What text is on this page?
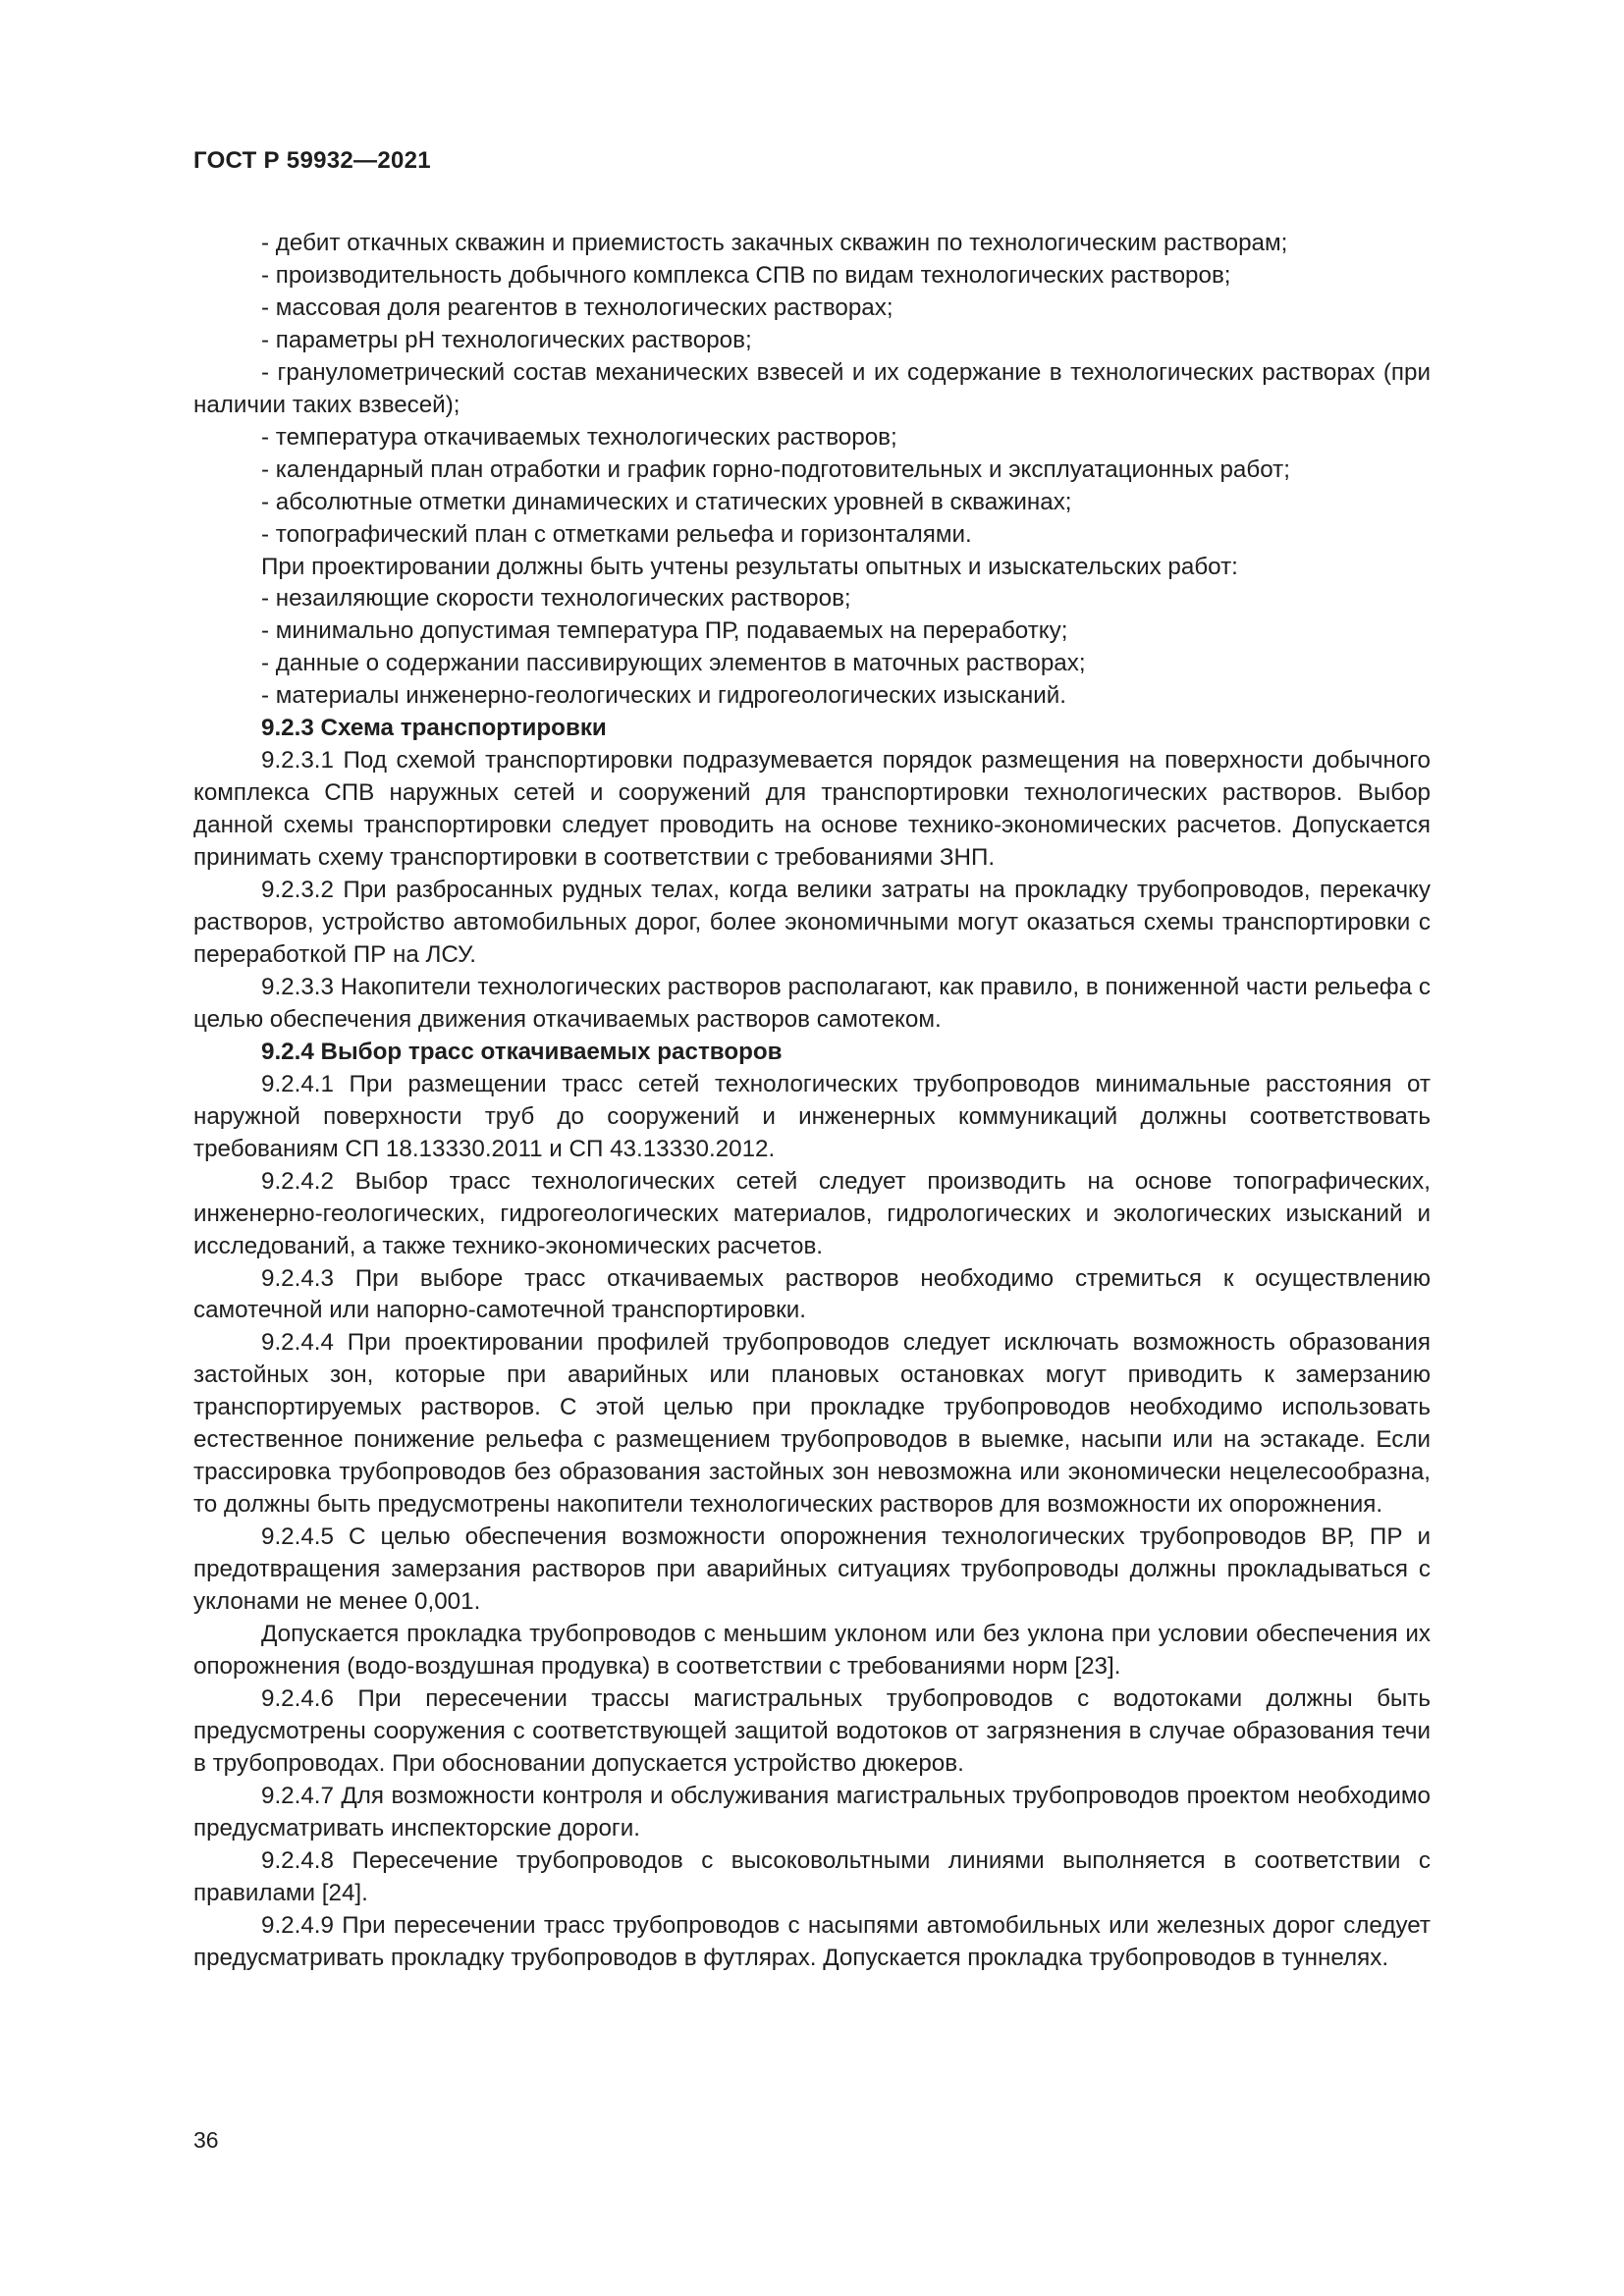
ГОСТ Р 59932—2021

- дебит откачных скважин и приемистость закачных скважин по технологическим растворам;

- производительность добычного комплекса СПВ по видам технологических растворов;

- массовая доля реагентов в технологических растворах;

- параметры pH технологических растворов;

- гранулометрический состав механических взвесей и их содержание в технологических растворах (при наличии таких взвесей);

- температура откачиваемых технологических растворов;

- календарный план отработки и график горно-подготовительных и эксплуатационных работ;

- абсолютные отметки динамических и статических уровней в скважинах;

- топографический план с отметками рельефа и горизонталями.

При проектировании должны быть учтены результаты опытных и изыскательских работ:

- незаиляющие скорости технологических растворов;

- минимально допустимая температура ПР, подаваемых на переработку;

- данные о содержании пассивирующих элементов в маточных растворах;

- материалы инженерно-геологических и гидрогеологических изысканий.

9.2.3 Схема транспортировки

9.2.3.1 Под схемой транспортировки подразумевается порядок размещения на поверхности добычного комплекса СПВ наружных сетей и сооружений для транспортировки технологических растворов. Выбор данной схемы транспортировки следует проводить на основе технико-экономических расчетов. Допускается принимать схему транспортировки в соответствии с требованиями ЗНП.

9.2.3.2 При разбросанных рудных телах, когда велики затраты на прокладку трубопроводов, перекачку растворов, устройство автомобильных дорог, более экономичными могут оказаться схемы транспортировки с переработкой ПР на ЛСУ.

9.2.3.3 Накопители технологических растворов располагают, как правило, в пониженной части рельефа с целью обеспечения движения откачиваемых растворов самотеком.

9.2.4 Выбор трасс откачиваемых растворов

9.2.4.1 При размещении трасс сетей технологических трубопроводов минимальные расстояния от наружной поверхности труб до сооружений и инженерных коммуникаций должны соответствовать требованиям СП 18.13330.2011 и СП 43.13330.2012.

9.2.4.2 Выбор трасс технологических сетей следует производить на основе топографических, инженерно-геологических, гидрогеологических материалов, гидрологических и экологических изысканий и исследований, а также технико-экономических расчетов.

9.2.4.3 При выборе трасс откачиваемых растворов необходимо стремиться к осуществлению самотечной или напорно-самотечной транспортировки.

9.2.4.4 При проектировании профилей трубопроводов следует исключать возможность образования застойных зон, которые при аварийных или плановых остановках могут приводить к замерзанию транспортируемых растворов. С этой целью при прокладке трубопроводов необходимо использовать естественное понижение рельефа с размещением трубопроводов в выемке, насыпи или на эстакаде. Если трассировка трубопроводов без образования застойных зон невозможна или экономически нецелесообразна, то должны быть предусмотрены накопители технологических растворов для возможности их опорожнения.

9.2.4.5 С целью обеспечения возможности опорожнения технологических трубопроводов ВР, ПР и предотвращения замерзания растворов при аварийных ситуациях трубопроводы должны прокладываться с уклонами не менее 0,001.

Допускается прокладка трубопроводов с меньшим уклоном или без уклона при условии обеспечения их опорожнения (водо-воздушная продувка) в соответствии с требованиями норм [23].

9.2.4.6 При пересечении трассы магистральных трубопроводов с водотоками должны быть предусмотрены сооружения с соответствующей защитой водотоков от загрязнения в случае образования течи в трубопроводах. При обосновании допускается устройство дюкеров.

9.2.4.7 Для возможности контроля и обслуживания магистральных трубопроводов проектом необходимо предусматривать инспекторские дороги.

9.2.4.8 Пересечение трубопроводов с высоковольтными линиями выполняется в соответствии с правилами [24].

9.2.4.9 При пересечении трасс трубопроводов с насыпями автомобильных или железных дорог следует предусматривать прокладку трубопроводов в футлярах. Допускается прокладка трубопроводов в туннелях.

36
